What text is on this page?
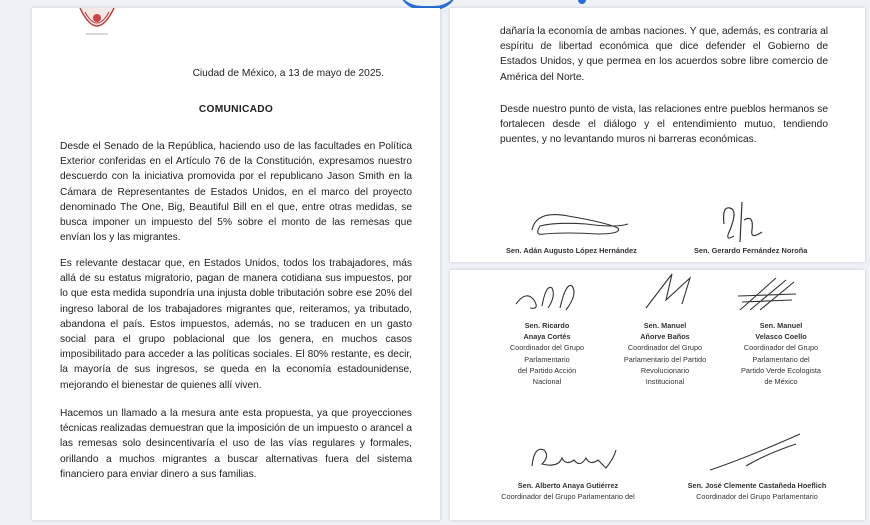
Ciudad de México, a 13 de mayo de 2025.
COMUNICADO

Desde el Senado de la República, haciendo uso de las facultades en Política Exterior conferidas en el Artículo 76 de la Constitución, expresamos nuestro descuerdo con la iniciativa promovida por el republicano Jason Smith en la Cámara de Representantes de Estados Unidos, en el marco del proyecto denominado The One, Big, Beautiful Bill en el que, entre otras medidas, se busca imponer un impuesto del 5% sobre el monto de las remesas que envían los y las migrantes.

Es relevante destacar que, en Estados Unidos, todos los trabajadores, más allá de su estatus migratorio, pagan de manera cotidiana sus impuestos, por lo que esta medida supondría una injusta doble tributación sobre ese 20% del ingreso laboral de los trabajadores migrantes que, reiteramos, ya tributado, abandona el país. Estos impuestos, además, no se traducen en un gasto social para el grupo poblacional que los genera, en muchos casos imposibilitado para acceder a las políticas sociales. El 80% restante, es decir, la mayoría de sus ingresos, se queda en la economía estadounidense, mejorando el bienestar de quienes allí viven.

Hacemos un llamado a la mesura ante esta propuesta, ya que proyecciones técnicas realizadas demuestran que la imposición de un impuesto o arancel a las remesas solo desincentivaría el uso de las vías regulares y formales, orillando a muchos migrantes a buscar alternativas fuera del sistema financiero para enviar dinero a sus familias.

dañaría la economía de ambas naciones. Y que, además, es contraria al espíritu de libertad económica que dice defender el Gobierno de Estados Unidos, y que permea en los acuerdos sobre libre comercio de América del Norte.

Desde nuestro punto de vista, las relaciones entre pueblos hermanos se fortalecen desde el diálogo y el entendimiento mutuo, tendiendo puentes, y no levantando muros ni barreras económicas.

Sen. Adán Augusto López Hernández	Sen. Gerardo Fernández Noroña
Sen. Ricardo
Anaya Cortés
Coordinador del Grupo
Parlamentario
del Partido Acción
Nacional
Sen. Manuel
Añorve Baños
Coordinador del Grupo
Parlamentario del Partido
Revolucionario
Institucional
Sen. Manuel
Velasco Coello
Coordinador del Grupo
Parlamentario del
Partido Verde Ecologista
de México
Sen. Alberto Anaya Gutiérrez
Coordinador del Grupo Parlamentario del
Sen. José Clemente Castañeda Hoeflich
Coordinador del Grupo Parlamentario
